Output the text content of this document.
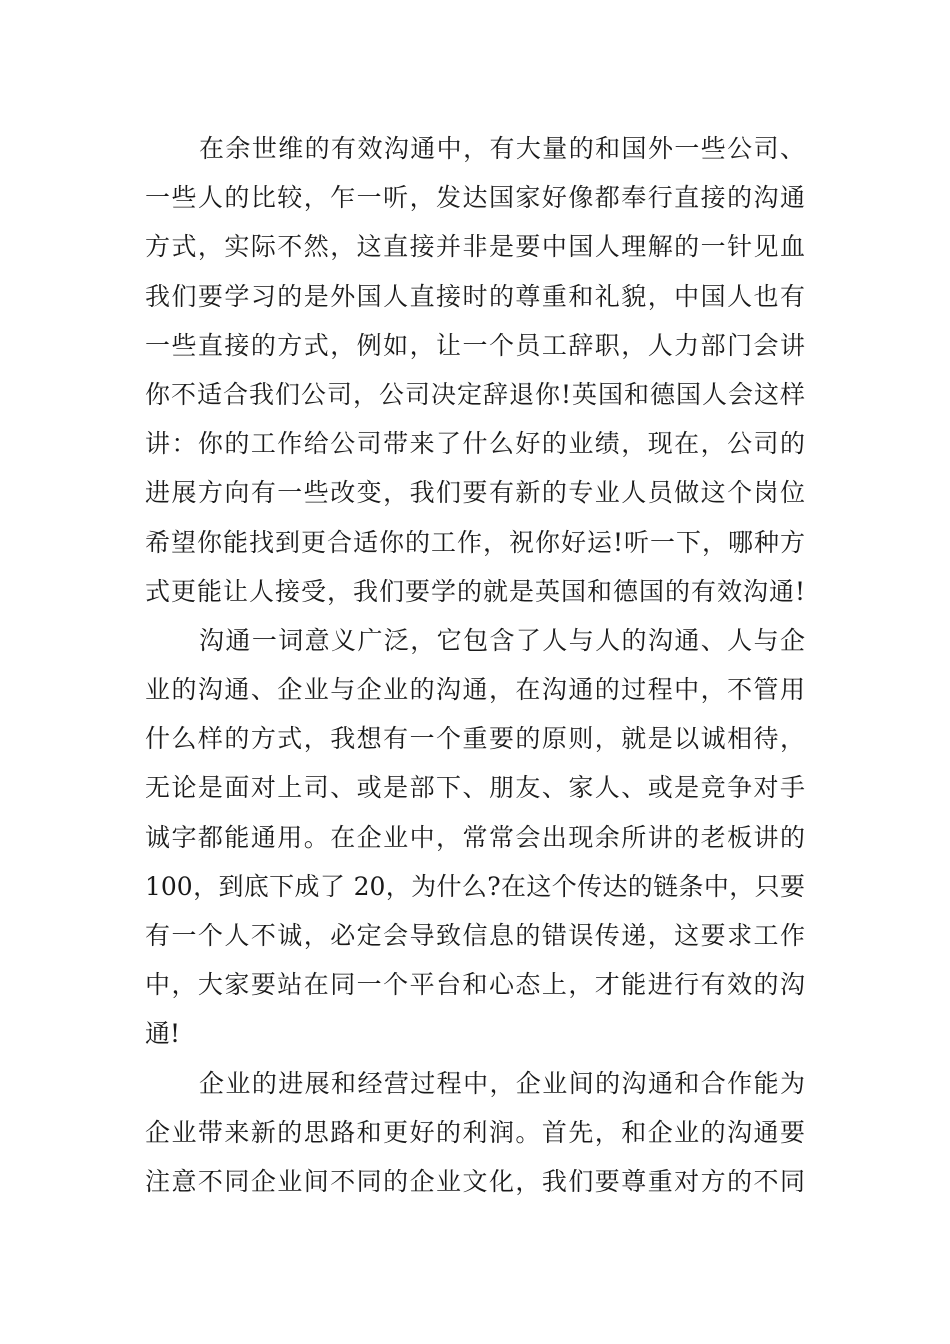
在余世维的有效沟通中，有大量的和国外一些公司、
一些人的比较，乍一听，发达国家好像都奉行直接的沟通
方式，实际不然，这直接并非是要中国人理解的一针见血
我们要学习的是外国人直接时的尊重和礼貌，中国人也有
一些直接的方式，例如，让一个员工辞职，人力部门会讲
你不适合我们公司，公司决定辞退你!英国和德国人会这样
讲：你的工作给公司带来了什么好的业绩，现在，公司的
进展方向有一些改变，我们要有新的专业人员做这个岗位
希望你能找到更合适你的工作，祝你好运!听一下，哪种方
式更能让人接受，我们要学的就是英国和德国的有效沟通!
沟通一词意义广泛，它包含了人与人的沟通、人与企
业的沟通、企业与企业的沟通，在沟通的过程中，不管用
什么样的方式，我想有一个重要的原则，就是以诚相待，
无论是面对上司、或是部下、朋友、家人、或是竞争对手
诚字都能通用。在企业中，常常会出现余所讲的老板讲的
100，到底下成了 20，为什么?在这个传达的链条中，只要
有一个人不诚，必定会导致信息的错误传递，这要求工作
中，大家要站在同一个平台和心态上，才能进行有效的沟
通!
企业的进展和经营过程中，企业间的沟通和合作能为
企业带来新的思路和更好的利润。首先，和企业的沟通要
注意不同企业间不同的企业文化，我们要尊重对方的不同
